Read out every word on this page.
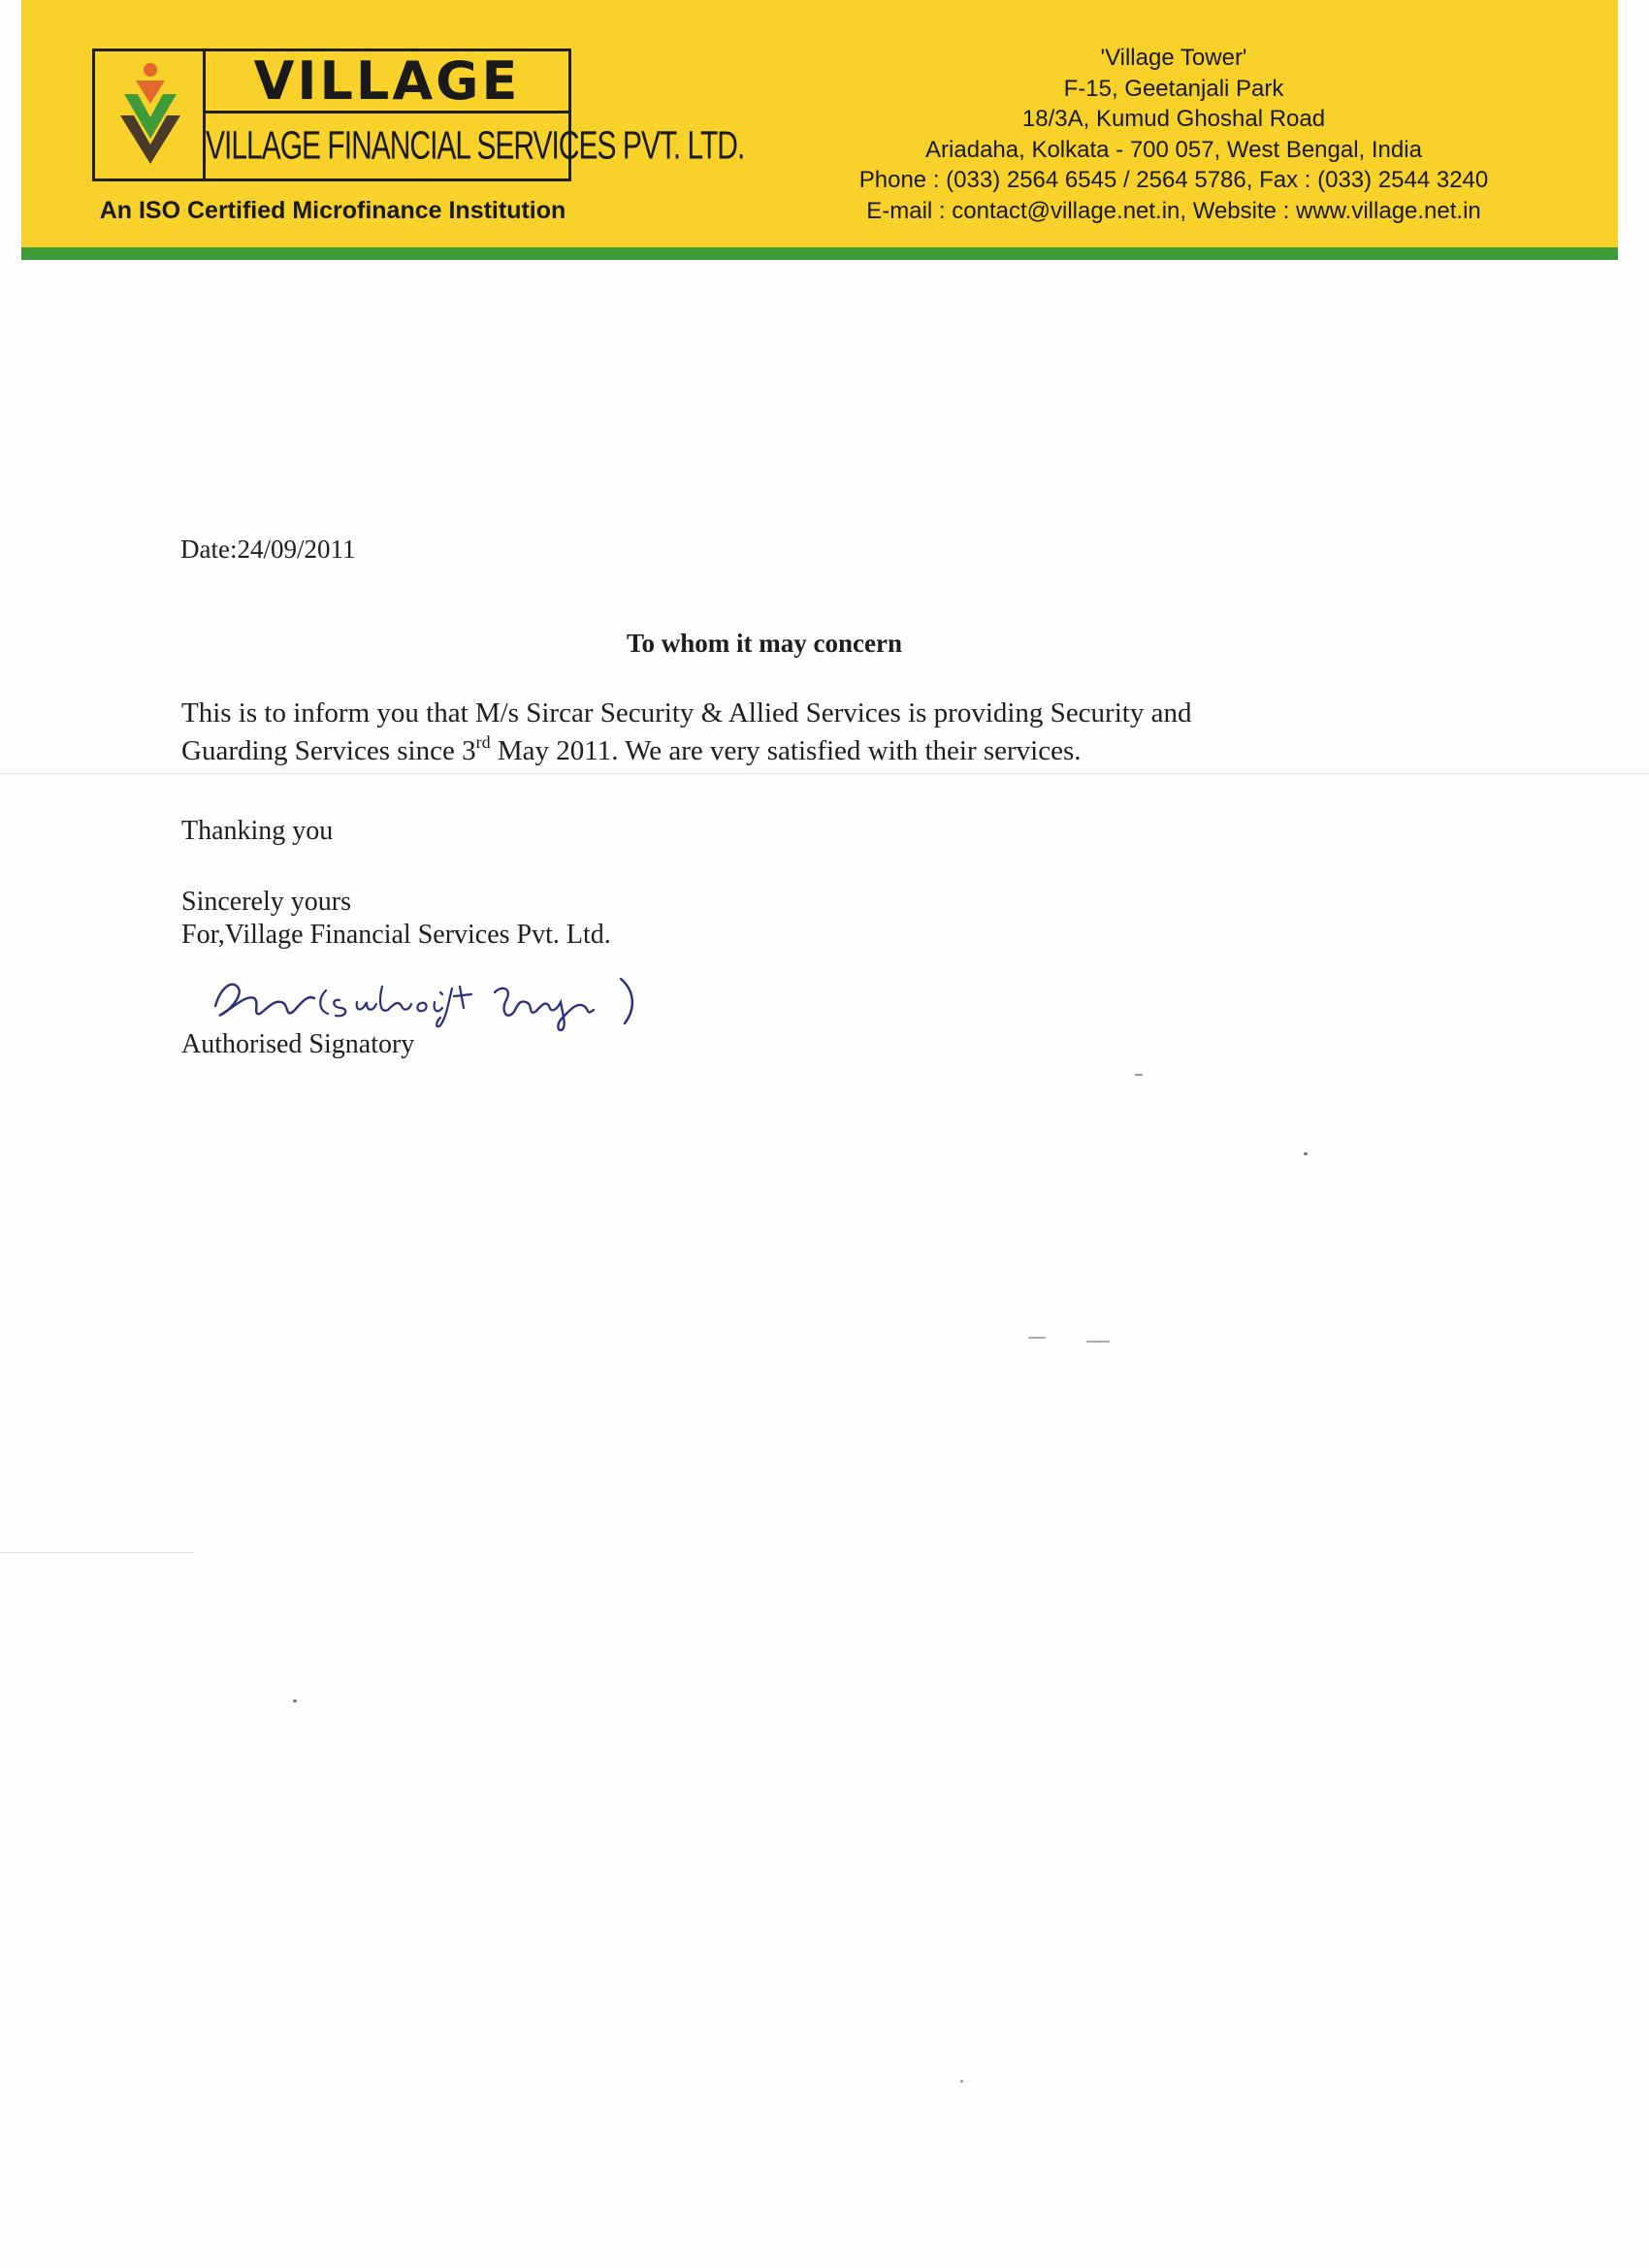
VILLAGE
VILLAGE FINANCIAL SERVICES PVT. LTD.
An ISO Certified Microfinance Institution
'Village Tower'
F-15, Geetanjali Park
18/3A, Kumud Ghoshal Road
Ariadaha, Kolkata - 700 057, West Bengal, India
Phone : (033) 2564 6545 / 2564 5786, Fax : (033) 2544 3240
E-mail : contact@village.net.in, Website : www.village.net.in
Date:24/09/2011
To whom it may concern
This is to inform you that M/s Sircar Security & Allied Services is providing Security and
Guarding Services since 3rd May 2011. We are very satisfied with their services.
Thanking you
Sincerely yours
For,Village Financial Services Pvt. Ltd.
Authorised Signatory
